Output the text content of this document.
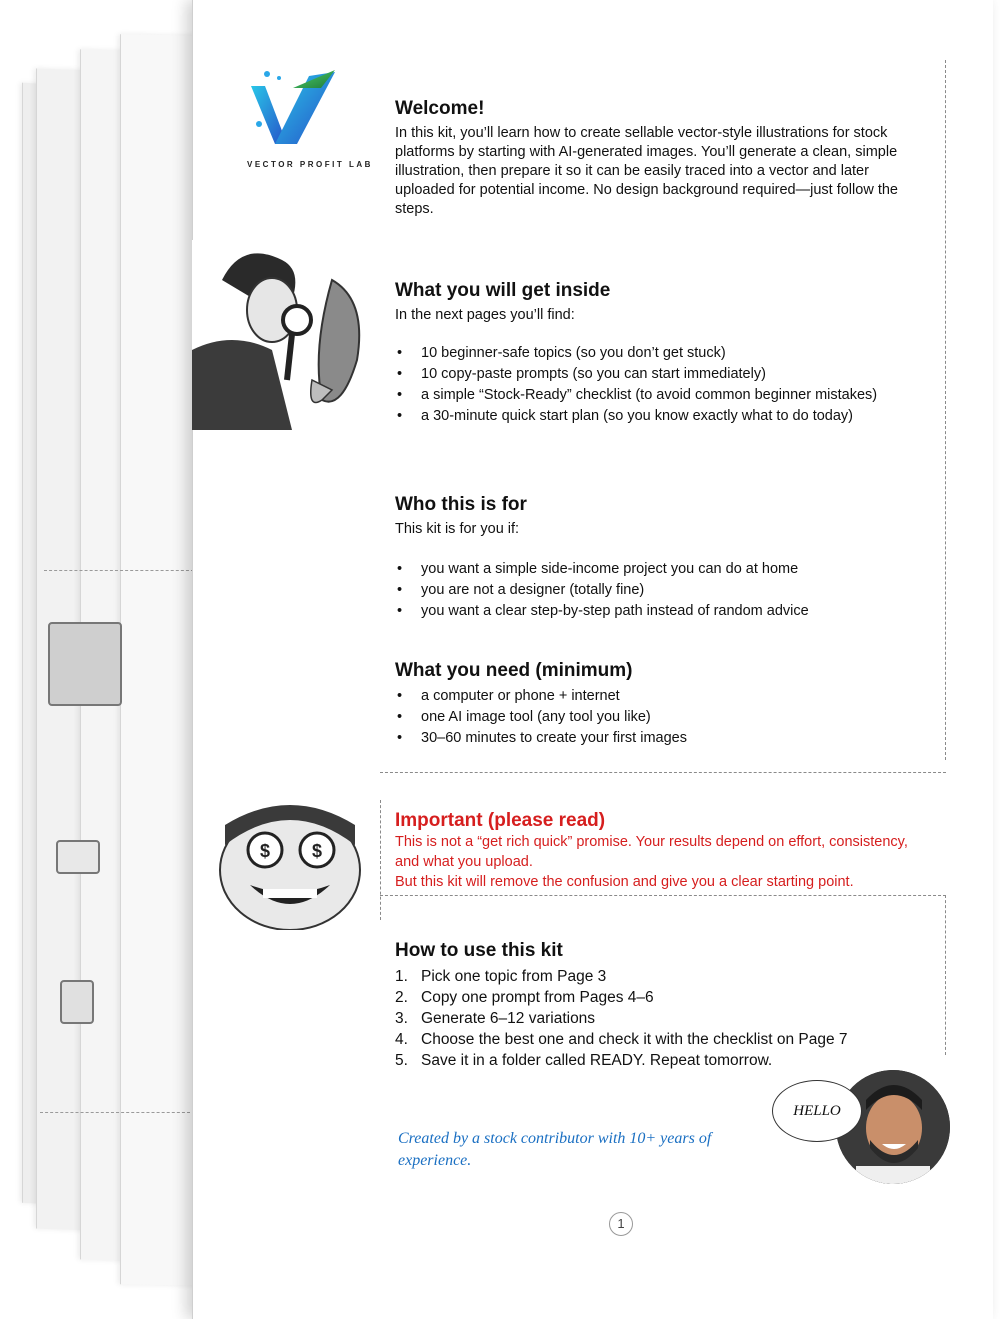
VECTOR PROFIT LAB
Welcome!

In this kit, you’ll learn how to create sellable vector-style illustrations for stock

platforms by starting with AI-generated images. You’ll generate a clean, simple

illustration, then prepare it so it can be easily traced into a vector and later

uploaded for potential income. No design background required—just follow the

steps.

What you will get inside

In the next pages you’ll find:

• 10 beginner-safe topics (so you don’t get stuck)
• 10 copy-paste prompts (so you can start immediately)
• a simple “Stock-Ready” checklist (to avoid common beginner mistakes)
• a 30-minute quick start plan (so you know exactly what to do today)
Who this is for

This kit is for you if:

• you want a simple side-income project you can do at home
• you are not a designer (totally fine)
• you want a clear step-by-step path instead of random advice
What you need (minimum)
• a computer or phone + internet
• one AI image tool (any tool you like)
• 30–60 minutes to create your first images
$ $
Important (please read)
This is not a “get rich quick” promise. Your results depend on effort, consistency,
and what you upload.
But this kit will remove the confusion and give you a clear starting point.
How to use this kit
1. Pick one topic from Page 3
2. Copy one prompt from Pages 4–6
3. Generate 6–12 variations
4. Choose the best one and check it with the checklist on Page 7
5. Save it in a folder called READY. Repeat tomorrow.
HELLO
Created by a stock contributor with 10+ years of
experience.
1
